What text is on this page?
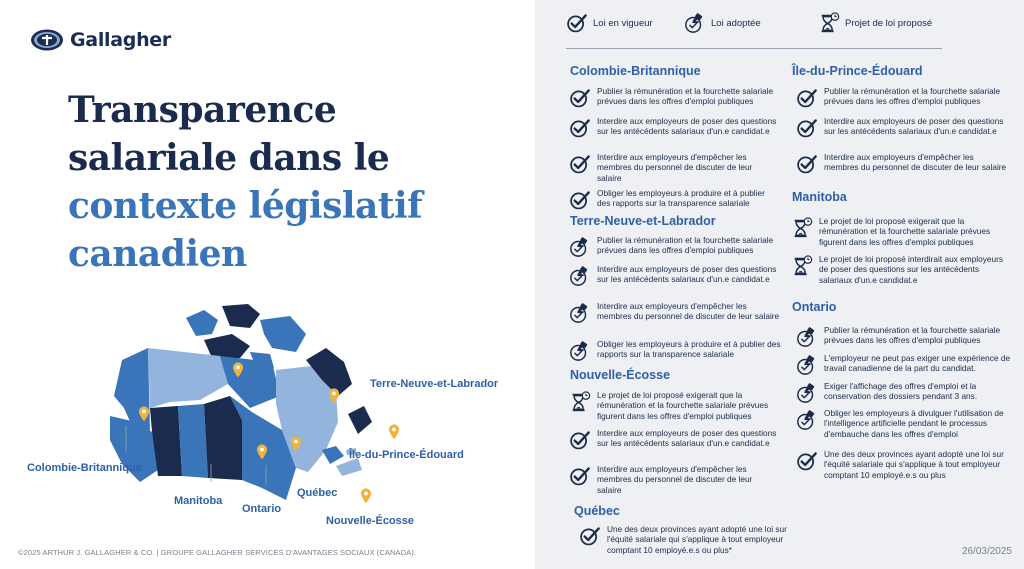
Gallagher
Transparence
salariale dans le
contexte législatif
canadien
Terre-Neuve-et-Labrador
Colombie-Britannique
Île-du-Prince-Édouard
Manitoba
Québec
Ontario
Nouvelle-Écosse
©2025 ARTHUR J. GALLAGHER & CO. | GROUPE GALLAGHER SERVICES D'AVANTAGES SOCIAUX (CANADA).
Loi en vigueur	Loi adoptée	Projet de loi proposé
Colombie-Britannique
Publier la rémunération et la fourchette salariale prévues dans les offres d'emploi publiques
Interdire aux employeurs de poser des questions sur les antécédents salariaux d'un.e candidat.e
Interdire aux employeurs d'empêcher les membres du personnel de discuter de leur salaire
Obliger les employeurs à produire et à publier des rapports sur la transparence salariale
Terre-Neuve-et-Labrador
Publier la rémunération et la fourchette salariale prévues dans les offres d'emploi publiques
Interdire aux employeurs de poser des questions sur les antécédents salariaux d'un.e candidat.e
Interdire aux employeurs d'empêcher les membres du personnel de discuter de leur salaire
Obliger les employeurs à produire et à publier des rapports sur la transparence salariale
Nouvelle-Écosse
Le projet de loi proposé exigerait que la rémunération et la fourchette salariale prévues figurent dans les offres d'emploi publiques
Interdire aux employeurs de poser des questions sur les antécédents salariaux d'un.e candidat.e
Interdire aux employeurs d'empêcher les membres du personnel de discuter de leur salaire
Québec
Une des deux provinces ayant adopté une loi sur l'équité salariale qui s'applique à tout employeur comptant 10 employé.e.s ou plus*
Île-du-Prince-Édouard
Publier la rémunération et la fourchette salariale prévues dans les offres d'emploi publiques
Interdire aux employeurs de poser des questions sur les antécédents salariaux d'un.e candidat.e
Interdire aux employeurs d'empêcher les membres du personnel de discuter de leur salaire
Manitoba
Le projet de loi proposé exigerait que la rémunération et la fourchette salariale prévues figurent dans les offres d'emploi publiques
Le projet de loi proposé interdirait aux employeurs de poser des questions sur les antécédents salariaux d'un.e candidat.e
Ontario
Publier la rémunération et la fourchette salariale prévues dans les offres d'emploi publiques
L'employeur ne peut pas exiger une expérience de travail canadienne de la part du candidat.
Exiger l'affichage des offres d'emploi et la conservation des dossiers pendant 3 ans.
Obliger les employeurs à divulguer l'utilisation de l'intelligence artificielle pendant le processus d'embauche dans les offres d'emploi
Une des deux provinces ayant adopté une loi sur l'équité salariale qui s'applique à tout employeur comptant 10 employé.e.s ou plus
26/03/2025
